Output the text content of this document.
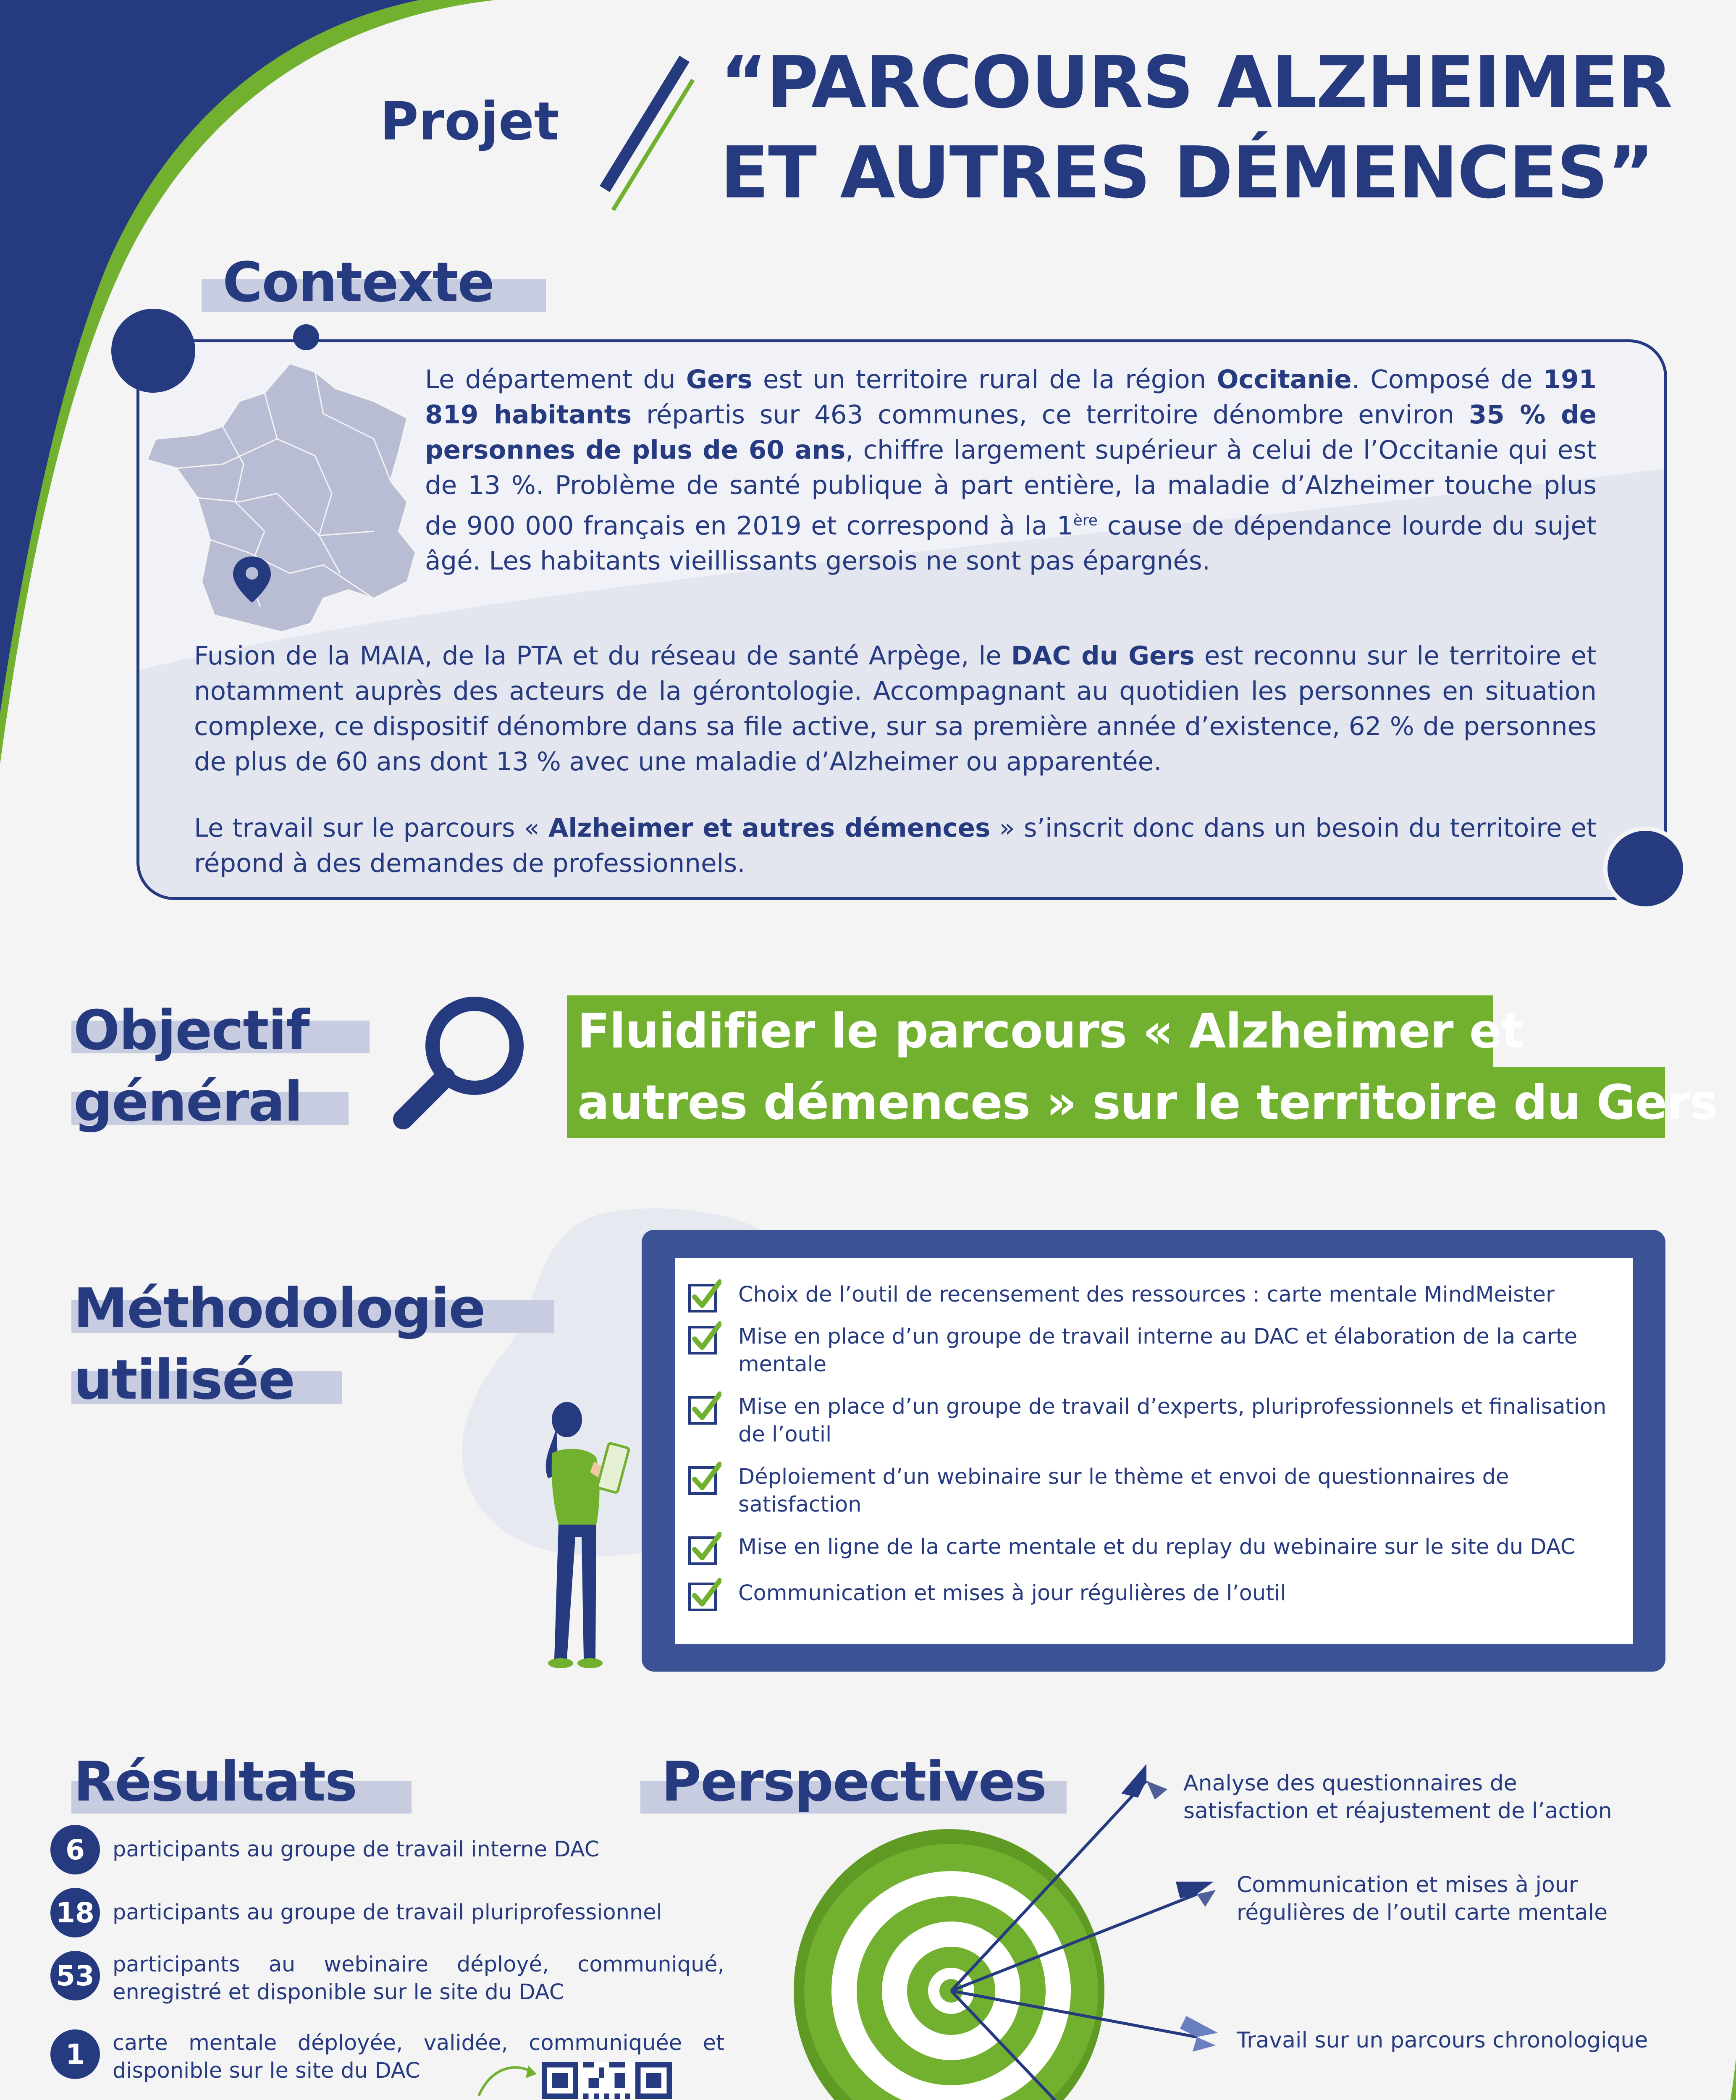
Projet “PARCOURS ALZHEIMER
ET AUTRES DÉMENCES”
Contexte
Le département du Gers est un territoire rural de la région Occitanie. Composé de 191 819 habitants répartis sur 463 communes, ce territoire dénombre environ 35 % de personnes de plus de 60 ans, chiffre largement supérieur à celui de l’Occitanie qui est de 13 %. Problème de santé publique à part entière, la maladie d’Alzheimer touche plus de 900 000 français en 2019 et correspond à la 1ère cause de dépendance lourde du sujet âgé. Les habitants vieillissants gersois ne sont pas épargnés.
Fusion de la MAIA, de la PTA et du réseau de santé Arpège, le DAC du Gers est reconnu sur le territoire et notamment auprès des acteurs de la gérontologie. Accompagnant au quotidien les personnes en situation complexe, ce dispositif dénombre dans sa file active, sur sa première année d’existence, 62 % de personnes de plus de 60 ans dont 13 % avec une maladie d’Alzheimer ou apparentée.
Le travail sur le parcours « Alzheimer et autres démences » s’inscrit donc dans un besoin du territoire et répond à des demandes de professionnels.
Objectif
général
Fluidifier le parcours « Alzheimer et
autres démences » sur le territoire du Gers
Méthodologie
utilisée
Choix de l’outil de recensement des ressources : carte mentale MindMeister
Mise en place d’un groupe de travail interne au DAC et élaboration de la carte mentale
Mise en place d’un groupe de travail d’experts, pluriprofessionnels et finalisation de l’outil
Déploiement d’un webinaire sur le thème et envoi de questionnaires de satisfaction
Mise en ligne de la carte mentale et du replay du webinaire sur le site du DAC
Communication et mises à jour régulières de l’outil
Résultats
6	participants au groupe de travail interne DAC
18 participants au groupe de travail pluriprofessionnel
53 participants au webinaire déployé, communiqué, enregistré et disponible sur le site du DAC
1	carte mentale déployée, validée, communiquée et disponible sur le site du DAC
Perspectives	Analyse des questionnaires de satisfaction et réajustement de l’action
Communication et mises à jour régulières de l’outil carte mentale
Travail sur un parcours chronologique
